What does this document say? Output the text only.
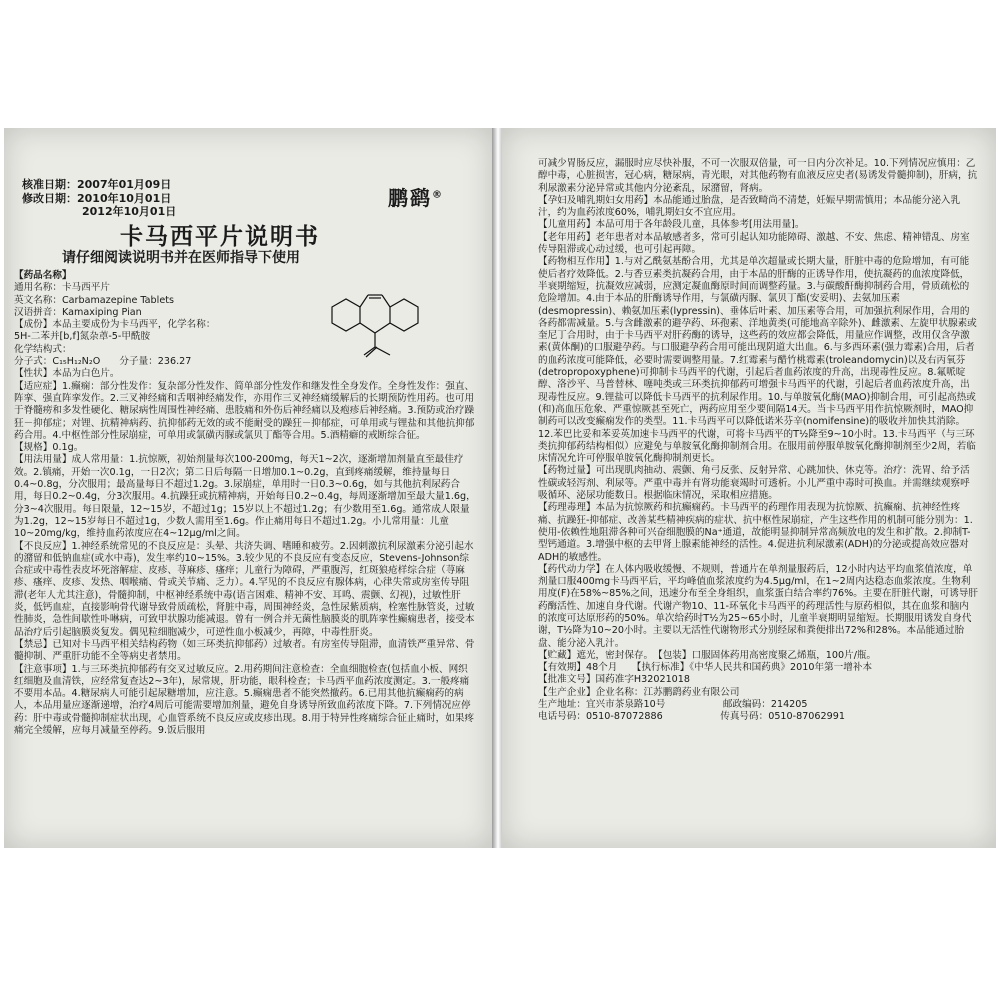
核准日期：2007年01月09日

修改日期：2010年10月01日

2012年10月01日

鹏鹞®
卡马西平片说明书
请仔细阅读说明书并在医师指导下使用

【药品名称】

通用名称：卡马西平片

英文名称：Carbamazepine Tablets

汉语拼音：Kamaxiping Pian

【成份】本品主要成份为卡马西平，化学名称：

5H-二苯并[b,f]氮杂䓬-5-甲酰胺

化学结构式：

分子式：C₁₅H₁₂N₂O　　分子量：236.27

【性状】本品为白色片。

【适应症】1.癫痫：部分性发作：复杂部分性发作、简单部分性发作和继发性全身发作。全身性发作：强直、阵挛、强直阵挛发作。2.三叉神经痛和舌咽神经痛发作，亦用作三叉神经痛缓解后的长期预防性用药。也可用于脊髓痨和多发性硬化、糖尿病性周围性神经痛、患肢痛和外伤后神经痛以及疱疹后神经痛。3.预防或治疗躁狂－抑郁症；对锂、抗精神病药、抗抑郁药无效的或不能耐受的躁狂－抑郁症，可单用或与锂盐和其他抗抑郁药合用。4.中枢性部分性尿崩症，可单用或氯磺丙脲或氯贝丁酯等合用。5.酒精癖的戒断综合征。

【规格】0.1g。

【用法用量】成人常用量：1.抗惊厥，初始剂量每次100-200mg，每天1~2次，逐渐增加剂量直至最佳疗效。2.镇痛，开始一次0.1g，一日2次；第二日后每隔一日增加0.1~0.2g，直到疼痛缓解，维持量每日0.4~0.8g，分次服用；最高量每日不超过1.2g。3.尿崩症，单用时一日0.3~0.6g，如与其他抗利尿药合用，每日0.2~0.4g，分3次服用。4.抗躁狂或抗精神病，开始每日0.2~0.4g，每周逐渐增加至最大量1.6g，分3~4次服用。每日限量，12~15岁，不超过1g；15岁以上不超过1.2g；有少数用至1.6g。通常成人限量为1.2g，12~15岁每日不超过1g，少数人需用至1.6g。作止痛用每日不超过1.2g。小儿常用量：儿童10~20mg/kg，维持血药浓度应在4~12μg/ml之间。

【不良反应】1.神经系统常见的不良反应是：头晕、共济失调、嗜睡和疲劳。2.因刺激抗利尿激素分泌引起水的潴留和低钠血症(或水中毒)，发生率约10~15%。3.较少见的不良反应有变态反应，Stevens-Johnson综合症或中毒性表皮坏死溶解症、皮疹、荨麻疹、瘙痒；儿童行为障碍，严重腹泻，红斑狼疮样综合症（荨麻疹、瘙痒、皮疹、发热、咽喉痛、骨或关节痛、乏力）。4.罕见的不良反应有腺体病，心律失常或房室传导阻滞(老年人尤其注意)，骨髓抑制，中枢神经系统中毒(语言困难、精神不安、耳鸣、震颤、幻视)，过敏性肝炎，低钙血症，直接影响骨代谢导致骨质疏松，肾脏中毒，周围神经炎，急性尿紫质病，栓塞性脉管炎，过敏性肺炎，急性间歇性卟啉病，可致甲状腺功能减退。曾有一例合并无菌性脑膜炎的肌阵挛性癫痫患者，接受本品治疗后引起脑膜炎复发。偶见粒细胞减少，可逆性血小板减少，再障，中毒性肝炎。

【禁忌】已知对卡马西平相关结构药物（如三环类抗抑郁药）过敏者。有房室传导阻滞，血清铁严重异常、骨髓抑制、严重肝功能不全等病史者禁用。

【注意事项】1.与三环类抗抑郁药有交叉过敏反应。2.用药期间注意检查：全血细胞检查(包括血小板、网织红细胞及血清铁，应经常复查达2~3年)，尿常规，肝功能，眼科检查；卡马西平血药浓度测定。3.一般疼痛不要用本品。4.糖尿病人可能引起尿糖增加，应注意。5.癫痫患者不能突然撤药。6.已用其他抗癫痫药的病人，本品用量应逐渐递增，治疗4周后可能需要增加剂量，避免自身诱导所致血药浓度下降。7.下列情况应停药：肝中毒或骨髓抑制症状出现，心血管系统不良反应或皮疹出现。8.用于特异性疼痛综合征止痛时，如果疼痛完全缓解，应每月减量至停药。9.饭后服用

可减少胃肠反应，漏服时应尽快补服，不可一次服双倍量，可一日内分次补足。10.下列情况应慎用：乙醇中毒，心脏损害，冠心病，糖尿病，青光眼，对其他药物有血液反应史者(易诱发骨髓抑制)，肝病，抗利尿激素分泌异常或其他内分泌紊乱，尿潴留，肾病。

【孕妇及哺乳期妇女用药】本品能通过胎盘，是否致畸尚不清楚，妊娠早期需慎用；本品能分泌入乳汁，约为血药浓度60%，哺乳期妇女不宜应用。

【儿童用药】本品可用于各年龄段儿童，具体参考[用法用量]。

【老年用药】老年患者对本品敏感者多，常可引起认知功能障碍、激越、不安、焦虑、精神错乱、房室传导阻滞或心动过缓，也可引起再障。

【药物相互作用】1.与对乙酰氨基酚合用，尤其是单次超量或长期大量，肝脏中毒的危险增加，有可能使后者疗效降低。2.与香豆素类抗凝药合用，由于本品的肝酶的正诱导作用，使抗凝药的血浓度降低，半衰期缩短，抗凝效应减弱，应测定凝血酶原时间而调整药量。3.与碳酸酐酶抑制药合用，骨质疏松的危险增加。4.由于本品的肝酶诱导作用，与氯磺丙脲、氯贝丁酯(安妥明)、去氨加压素(desmopressin)、赖氨加压素(lypressin)、垂体后叶素、加压素等合用，可加强抗利尿作用，合用的各药都需减量。5.与含雌激素的避孕药、环孢素、洋地黄类(可能地高辛除外)、雌激素、左旋甲状腺素或奎尼丁合用时，由于卡马西平对肝药酶的诱导，这些药的效应都会降低，用量应作调整，改用仅含孕激素(黄体酮)的口服避孕药。与口服避孕药合用可能出现阴道大出血。6.与多西环素(强力霉素)合用，后者的血药浓度可能降低，必要时需要调整用量。7.红霉素与醋竹桃霉素(troleandomycin)以及右丙氧芬(detropropoxyphene)可抑制卡马西平的代谢，引起后者血药浓度的升高，出现毒性反应。8.氟哌啶醇、洛沙平、马普替林、噻吨类或三环类抗抑郁药可增强卡马西平的代谢，引起后者血药浓度升高，出现毒性反应。9.锂盐可以降低卡马西平的抗利尿作用。10.与单胺氧化酶(MAO)抑制合用，可引起高热或(和)高血压危象、严重惊厥甚至死亡，两药应用至少要间隔14天。当卡马西平用作抗惊厥剂时，MAO抑制药可以改变癫痫发作的类型。11.卡马西平可以降低诺米芬辛(nomifensine)的吸收并加快其消除。12.苯巴比妥和苯妥英加速卡马西平的代谢，可将卡马西平的T½降至9~10小时。13.卡马西平（与三环类抗抑郁药结构相似）应避免与单胺氧化酶抑制剂合用。在服用前停服单胺氧化酶抑制剂至少2周，若临床情况允许可停服单胺氧化酶抑制剂更长。

【药物过量】可出现肌肉抽动、震颤、角弓反张、反射异常、心跳加快、休克等。治疗：洗胃、给予活性碳或轻泻剂、利尿等。严重中毒并有肾功能衰竭时可透析。小儿严重中毒时可换血。并需继续观察呼吸循环、泌尿功能数日。根据临床情况，采取相应措施。

【药理毒理】本品为抗惊厥药和抗癫痫药。卡马西平的药理作用表现为抗惊厥、抗癫痫、抗神经性疼痛、抗躁狂-抑郁症、改善某些精神疾病的症状、抗中枢性尿崩症，产生这些作用的机制可能分别为：1.使用-依赖性地阻滞各种可兴奋细胞膜的Na⁺通道，故能明显抑制异常高频放电的发生和扩散。2.抑制T-型钙通道。3.增强中枢的去甲肾上腺素能神经的活性。4.促进抗利尿激素(ADH)的分泌或提高效应器对ADH的敏感性。

【药代动力学】在人体内吸收缓慢、不规则，普通片在单剂量服药后，12小时内达平均血浆值浓度，单剂量口服400mg卡马西平后，平均峰值血浆浓度约为4.5μg/ml，在1~2周内达稳态血浆浓度。生物利用度(F)在58%~85%之间，迅速分布至全身组织，血浆蛋白结合率约76%。主要在肝脏代谢，可诱导肝药酶活性、加速自身代谢。代谢产物10、11-环氧化卡马西平的药理活性与原药相似，其在血浆和脑内的浓度可达原形药的50%。单次给药时T½为25~65小时，儿童半衰期明显缩短。长期服用诱发自身代谢，T½降为10~20小时。主要以无活性代谢物形式分别经尿和粪便排出72%和28%。本品能通过胎盘、能分泌入乳汁。

【贮藏】遮光，密封保存。　 【包装】口服固体药用高密度聚乙烯瓶，100片/瓶。

【有效期】48个月　　 【执行标准】《中华人民共和国药典》2010年第一增补本

【批准文号】国药准字H32021018

【生产企业】企业名称：江苏鹏鹞药业有限公司

生产地址：宜兴市茶泉路10号　　　　　　	邮政编码：214205

电话号码：0510-87072886　　　　　　	传真号码：0510-87062991
